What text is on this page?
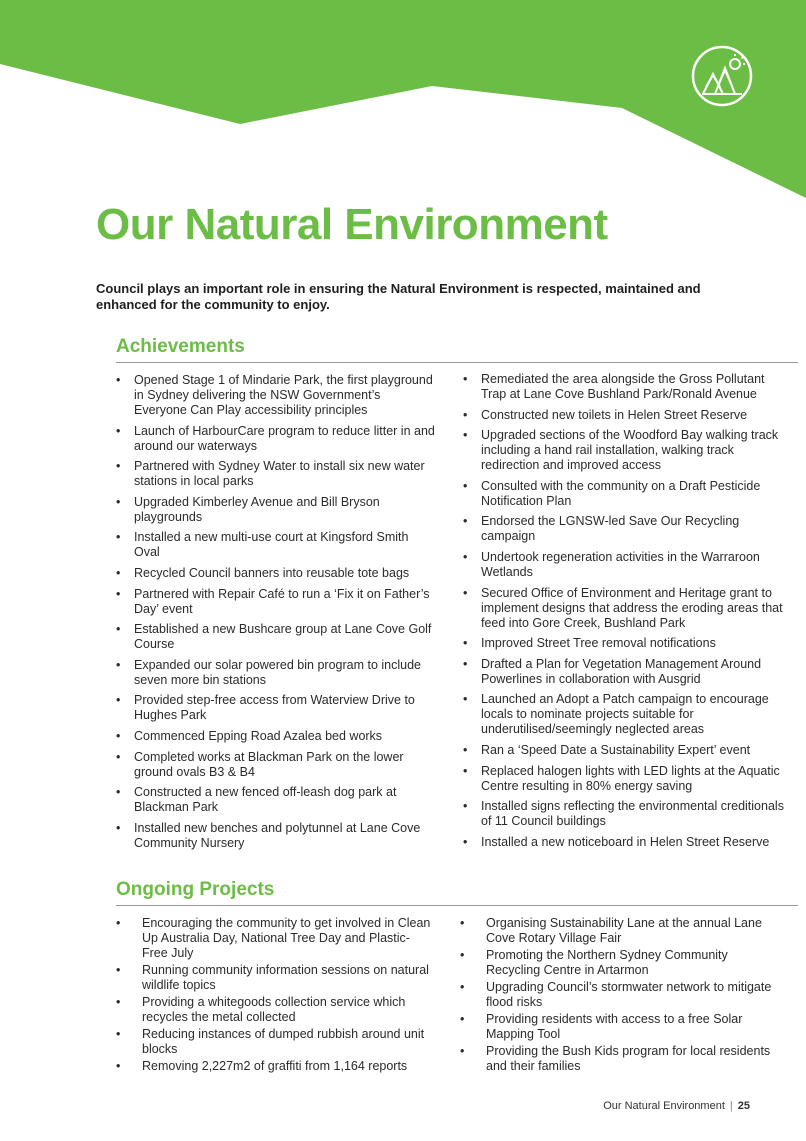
Our Natural Environment

Council plays an important role in ensuring the Natural Environment is respected, maintained and enhanced for the community to enjoy.

Achievements
• Opened Stage 1 of Mindarie Park, the first playground in Sydney delivering the NSW Government’s Everyone Can Play accessibility principles
• Launch of HarbourCare program to reduce litter in and around our waterways
• Partnered with Sydney Water to install six new water stations in local parks
• Upgraded Kimberley Avenue and Bill Bryson playgrounds
• Installed a new multi-use court at Kingsford Smith Oval
• Recycled Council banners into reusable tote bags
• Partnered with Repair Café to run a ‘Fix it on Father’s Day’ event
• Established a new Bushcare group at Lane Cove Golf Course
• Expanded our solar powered bin program to include seven more bin stations
• Provided step-free access from Waterview Drive to Hughes Park
• Commenced Epping Road Azalea bed works
• Completed works at Blackman Park on the lower ground ovals B3 & B4
• Constructed a new fenced off-leash dog park at Blackman Park
• Installed new benches and polytunnel at Lane Cove Community Nursery
• Remediated the area alongside the Gross Pollutant Trap at Lane Cove Bushland Park/Ronald Avenue
• Constructed new toilets in Helen Street Reserve
• Upgraded sections of the Woodford Bay walking track including a hand rail installation, walking track redirection and improved access
• Consulted with the community on a Draft Pesticide Notification Plan
• Endorsed the LGNSW-led Save Our Recycling campaign
• Undertook regeneration activities in the Warraroon Wetlands
• Secured Office of Environment and Heritage grant to implement designs that address the eroding areas that feed into Gore Creek, Bushland Park
• Improved Street Tree removal notifications
• Drafted a Plan for Vegetation Management Around Powerlines in collaboration with Ausgrid
• Launched an Adopt a Patch campaign to encourage locals to nominate projects suitable for underutilised/seemingly neglected areas
• Ran a ‘Speed Date a Sustainability Expert’ event
• Replaced halogen lights with LED lights at the Aquatic Centre resulting in 80% energy saving
• Installed signs reflecting the environmental creditionals of 11 Council buildings
• Installed a new noticeboard in Helen Street Reserve
Ongoing Projects
• Encouraging the community to get involved in Clean Up Australia Day, National Tree Day and Plastic-Free July
• Running community information sessions on natural wildlife topics
• Providing a whitegoods collection service which recycles the metal collected
• Reducing instances of dumped rubbish around unit blocks
• Removing 2,227m2 of graffiti from 1,164 reports
• Organising Sustainability Lane at the annual Lane Cove Rotary Village Fair
• Promoting the Northern Sydney Community Recycling Centre in Artarmon
• Upgrading Council’s stormwater network to mitigate flood risks
• Providing residents with access to a free Solar Mapping Tool
• Providing the Bush Kids program for local residents and their families
Our Natural Environment | 25
